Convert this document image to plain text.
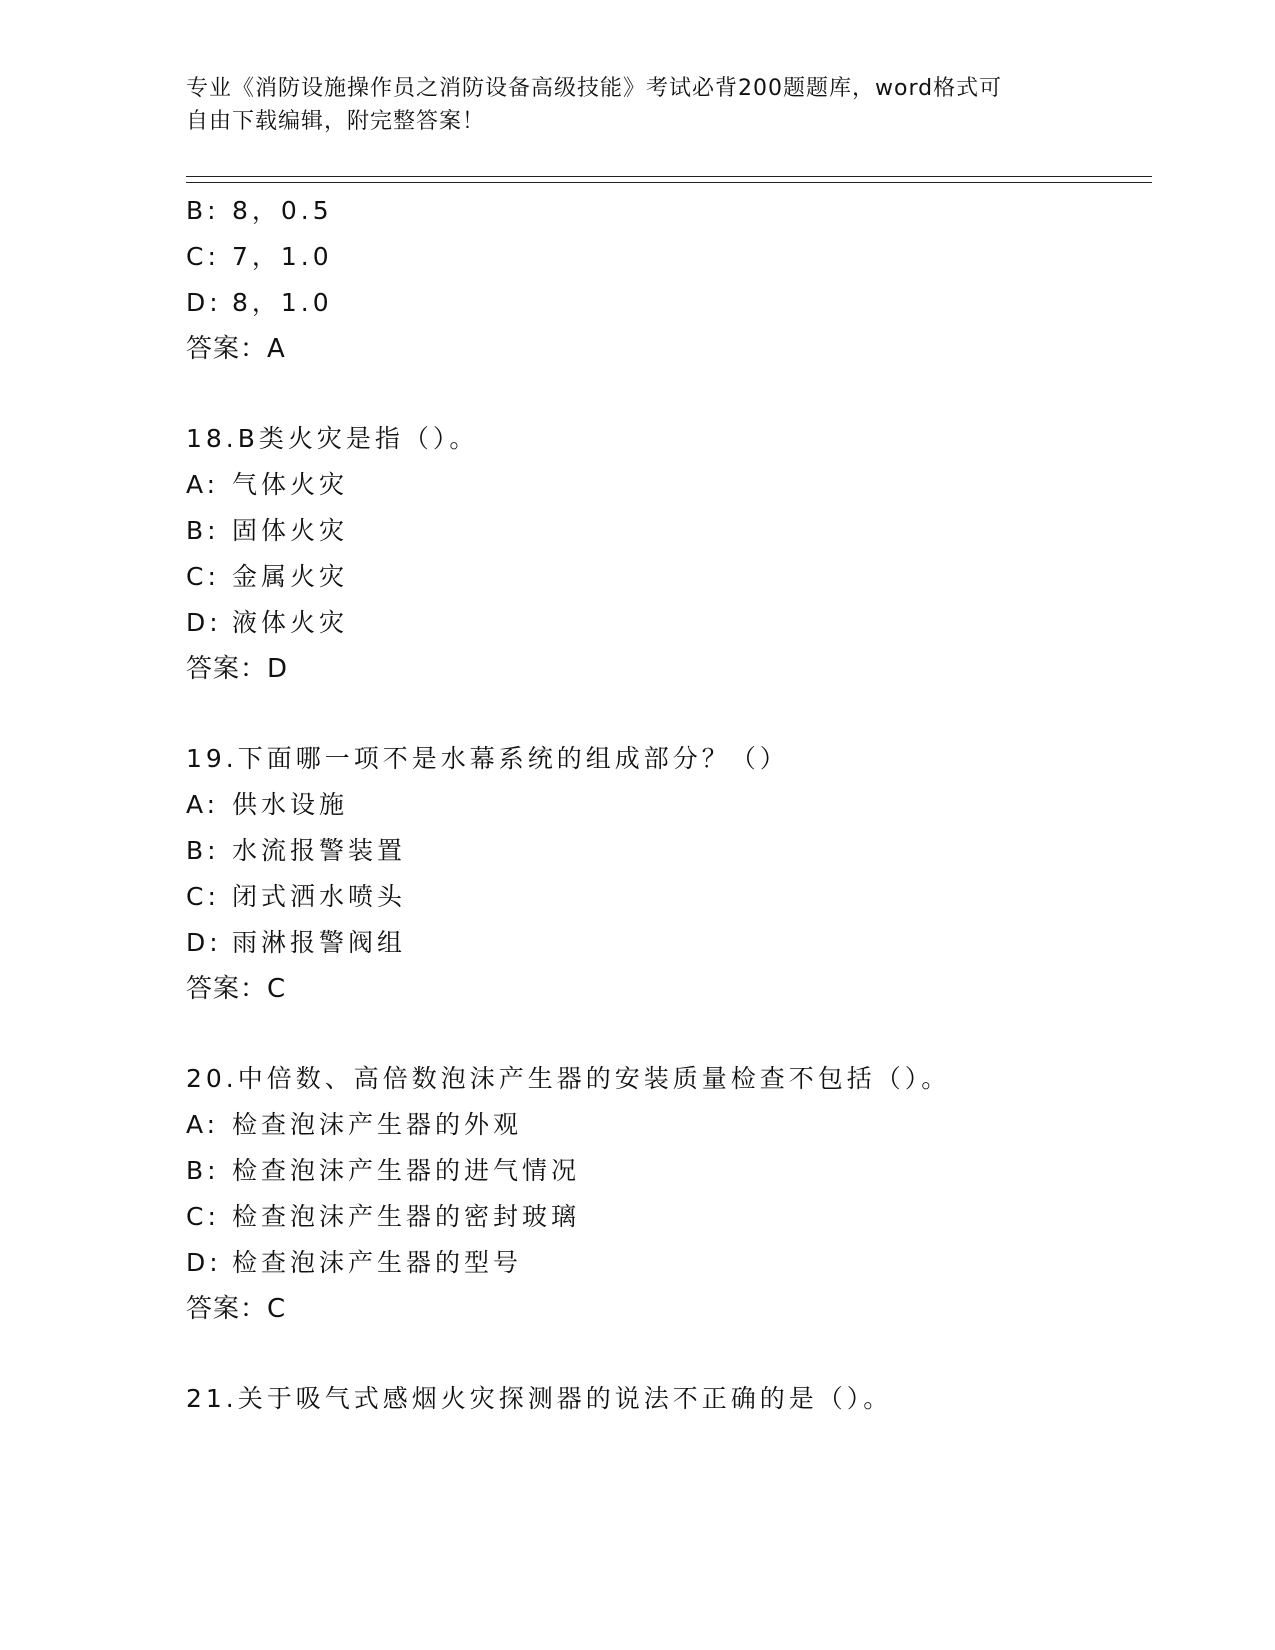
专业《消防设施操作员之消防设备高级技能》考试必背200题题库，word格式可
自由下载编辑，附完整答案！
B: 8，0.5
C: 7，1.0
D: 8，1.0
答案：A
18.B类火灾是指（）。
A: 气体火灾
B: 固体火灾
C: 金属火灾
D: 液体火灾
答案：D
19.下面哪一项不是水幕系统的组成部分？（）
A: 供水设施
B: 水流报警装置
C: 闭式洒水喷头
D: 雨淋报警阀组
答案：C
20.中倍数、高倍数泡沫产生器的安装质量检查不包括（）。
A: 检查泡沫产生器的外观
B: 检查泡沫产生器的进气情况
C: 检查泡沫产生器的密封玻璃
D: 检查泡沫产生器的型号
答案：C
21.关于吸气式感烟火灾探测器的说法不正确的是（）。
